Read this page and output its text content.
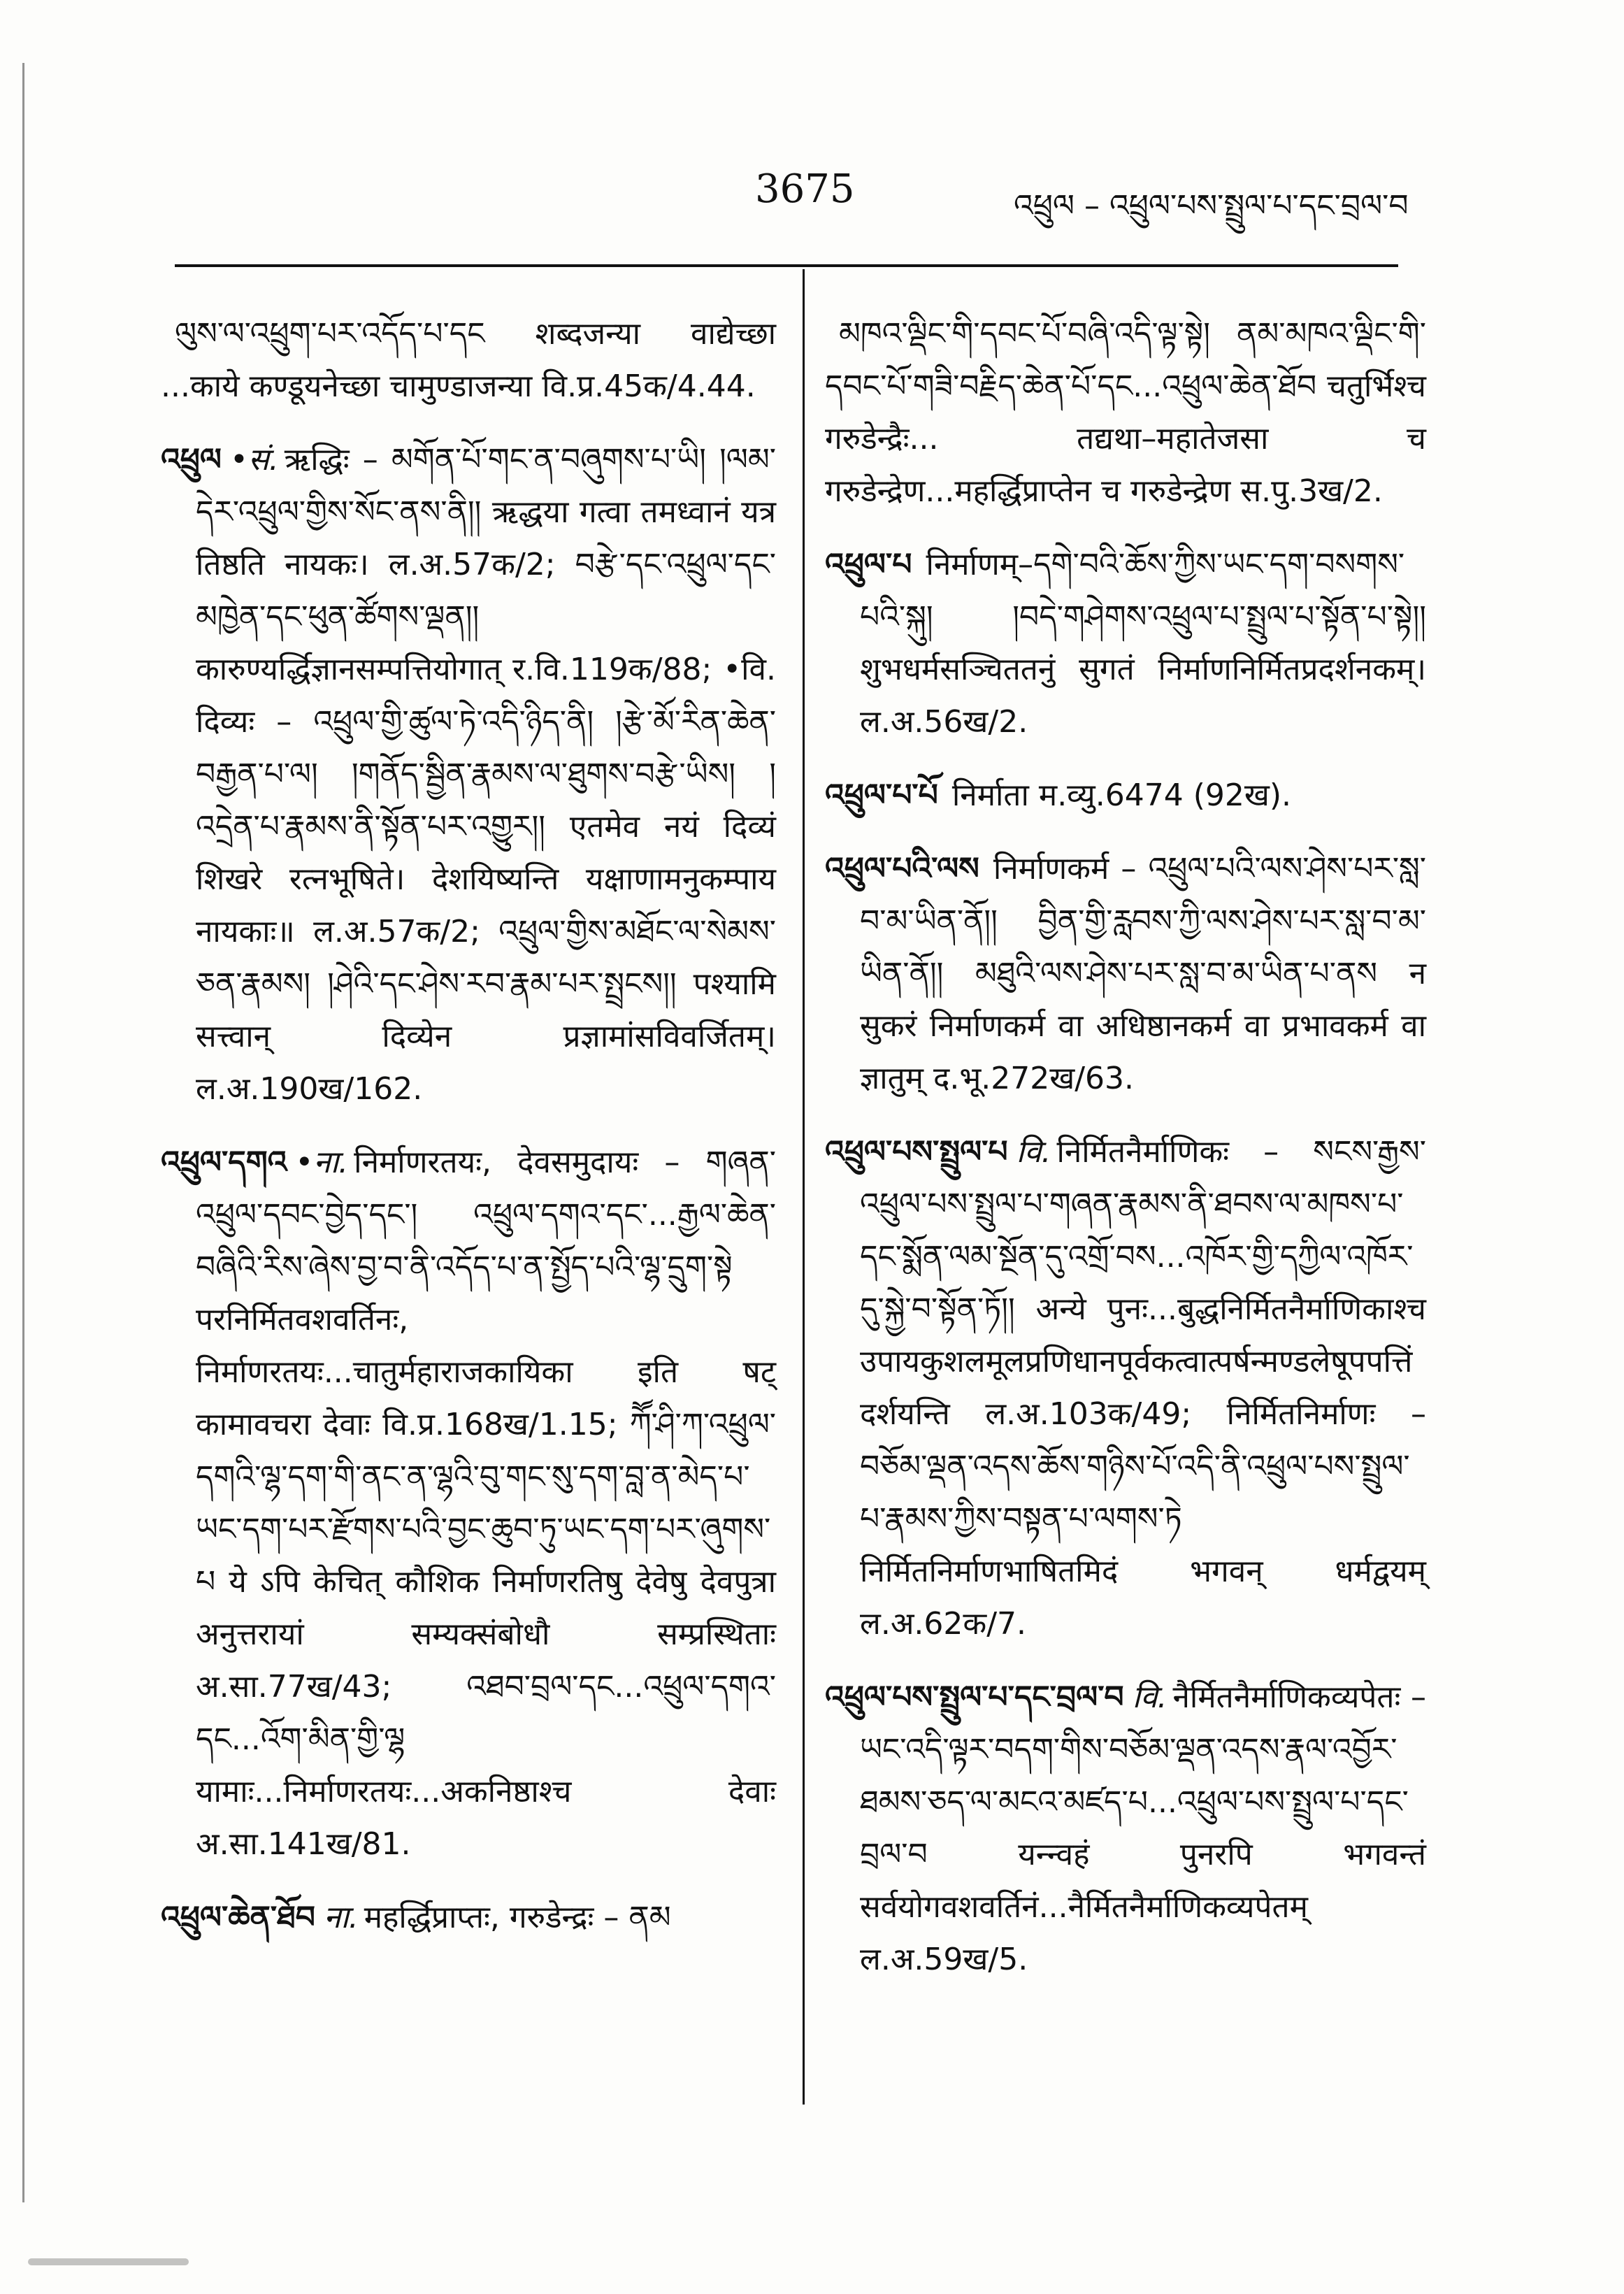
3675	འཕྲུལ – འཕྲུལ་པས་སྤྲུལ་པ་དང་བྲལ་བ

ལུས་ལ་འཕྲུག་པར་འདོད་པ་དང शब्दजन्या वाद्येच्छा ...काये कण्डूयनेच्छा चामुण्डाजन्या वि.प्र.45क/4.44.

འཕྲུལ •सं. ऋद्धिः – མགོན་པོ་གང་ན་བཞུགས་པ་ཡི། །ལམ་དེར་འཕྲུལ་གྱིས་སོང་ནས་ནི།། ऋद्धया गत्वा तमध्वानं यत्र तिष्ठति नायकः। ल.अ.57क/2; བརྩེ་དང་འཕྲུལ་དང་མཁྱེན་དང་ཕུན་ཚོགས་ལྡན།། कारुण्यर्द्धिज्ञानसम्पत्तियोगात् र.वि.119क/88; •वि. दिव्यः – འཕྲུལ་གྱི་ཚུལ་ཏེ་འདི་ཉིད་ནི། །རྩེ་མོ་རིན་ཆེན་བརྒྱན་པ་ལ། །གནོད་སྦྱིན་རྣམས་ལ་ཐུགས་བརྩེ་ཡིས། །འདྲེན་པ་རྣམས་ནི་སྟོན་པར་འགྱུར།། एतमेव नयं दिव्यं शिखरे रत्नभूषिते। देशयिष्यन्ति यक्षाणामनुकम्पाय नायकाः॥ ल.अ.57क/2; འཕྲུལ་གྱིས་མཐོང་ལ་སེམས་ཅན་རྣམས། །ཤེའི་དང་ཤེས་རབ་རྣམ་པར་སྤྲངས།། पश्यामि सत्त्वान् दिव्येन प्रज्ञामांसविवर्जितम्। ल.अ.190ख/162.

འཕྲུལ་དགའ •ना. निर्माणरतयः, देवसमुदायः – གཞན་འཕྲུལ་དབང་བྱེད་དང་། འཕྲུལ་དགའ་དང་...རྒྱལ་ཆེན་བཞིའི་རིས་ཞེས་བྱ་བ་ནི་འདོད་པ་ན་སྤྱོད་པའི་ལྷ་དྲུག་སྟེ परनिर्मितवशवर्तिनः, निर्माणरतयः...चातुर्महाराजकायिका इति षट् कामावचरा देवाः वि.प्र.168ख/1.15; ཀཽ་ཤི་ཀ་འཕྲུལ་དགའི་ལྷ་དག་གི་ནང་ན་ལྷའི་བུ་གང་སུ་དག་བླ་ན་མེད་པ་ཡང་དག་པར་རྫོགས་པའི་བྱང་ཆུབ་ཏུ་ཡང་དག་པར་ཞུགས་པ ये ऽपि केचित् कौशिक निर्माणरतिषु देवेषु देवपुत्रा अनुत्तरायां सम्यक्संबोधौ सम्प्रस्थिताः अ.सा.77ख/43; འཐབ་བྲལ་དང...འཕྲུལ་དགའ་དང...འོག་མིན་གྱི་ལྷ यामाः...निर्माणरतयः...अकनिष्ठाश्च देवाः अ.सा.141ख/81.

འཕྲུལ་ཆེན་ཐོབ ना. महर्द्धिप्राप्तः, गरुडेन्द्रः – ནམ

མཁའ་ལྡིང་གི་དབང་པོ་བཞི་འདི་ལྟ་སྟེ། ནམ་མཁའ་ལྡིང་གི་དབང་པོ་གཟི་བརྗིད་ཆེན་པོ་དང...འཕྲུལ་ཆེན་ཐོབ चतुर्भिश्च गरुडेन्द्रैः... तद्यथा–महातेजसा च गरुडेन्द्रेण...महर्द्धिप्राप्तेन च गरुडेन्द्रेण स.पु.3ख/2.

འཕྲུལ་པ निर्माणम्–དགེ་བའི་ཆོས་ཀྱིས་ཡང་དག་བསགས་པའི་སྐུ། །བདེ་གཤེགས་འཕྲུལ་པ་སྤྲུལ་པ་སྟོན་པ་སྟེ།། शुभधर्मसञ्चिततनुं सुगतं निर्माणनिर्मितप्रदर्शनकम्। ल.अ.56ख/2.

འཕྲུལ་པ་པོ निर्माता म.व्यु.6474 (92ख).

འཕྲུལ་པའི་ལས निर्माणकर्म – འཕྲུལ་པའི་ལས་ཤེས་པར་སླ་བ་མ་ཡིན་ནོ།། བྱིན་གྱི་རླབས་ཀྱི་ལས་ཤེས་པར་སླ་བ་མ་ཡིན་ནོ།། མཐུའི་ལས་ཤེས་པར་སླ་བ་མ་ཡིན་པ་ནས न सुकरं निर्माणकर्म वा अधिष्ठानकर्म वा प्रभावकर्म वा ज्ञातुम् द.भू.272ख/63.

འཕྲུལ་པས་སྤྲུལ་པ वि. निर्मितनैर्माणिकः – སངས་རྒྱས་འཕྲུལ་པས་སྤྲུལ་པ་གཞན་རྣམས་ནི་ཐབས་ལ་མཁས་པ་དང་སྨོན་ལམ་སྔོན་དུ་འགྲོ་བས...འཁོར་གྱི་དཀྱིལ་འཁོར་དུ་སྐྱེ་བ་སྟོན་ཏོ།། अन्ये पुनः...बुद्धनिर्मितनैर्माणिकाश्च उपायकुशलमूलप्रणिधानपूर्वकत्वात्पर्षन्मण्डलेषूपपत्तिं दर्शयन्ति ल.अ.103क/49; निर्मितनिर्माणः – བཅོམ་ལྡན་འདས་ཆོས་གཉིས་པོ་འདི་ནི་འཕྲུལ་པས་སྤྲུལ་པ་རྣམས་ཀྱིས་བསྟན་པ་ལགས་ཏེ निर्मितनिर्माणभाषितमिदं भगवन् धर्मद्वयम् ल.अ.62क/7.

འཕྲུལ་པས་སྤྲུལ་པ་དང་བྲལ་བ वि. नैर्मितनैर्माणिकव्यपेतः – ཡང་འདི་ལྟར་བདག་གིས་བཅོམ་ལྡན་འདས་རྣལ་འབྱོར་ཐམས་ཅད་ལ་མངའ་མཛད་པ...འཕྲུལ་པས་སྤྲུལ་པ་དང་བྲལ་བ यन्न्वहं पुनरपि भगवन्तं सर्वयोगवशवर्तिनं...नैर्मितनैर्माणिकव्यपेतम् ल.अ.59ख/5.
